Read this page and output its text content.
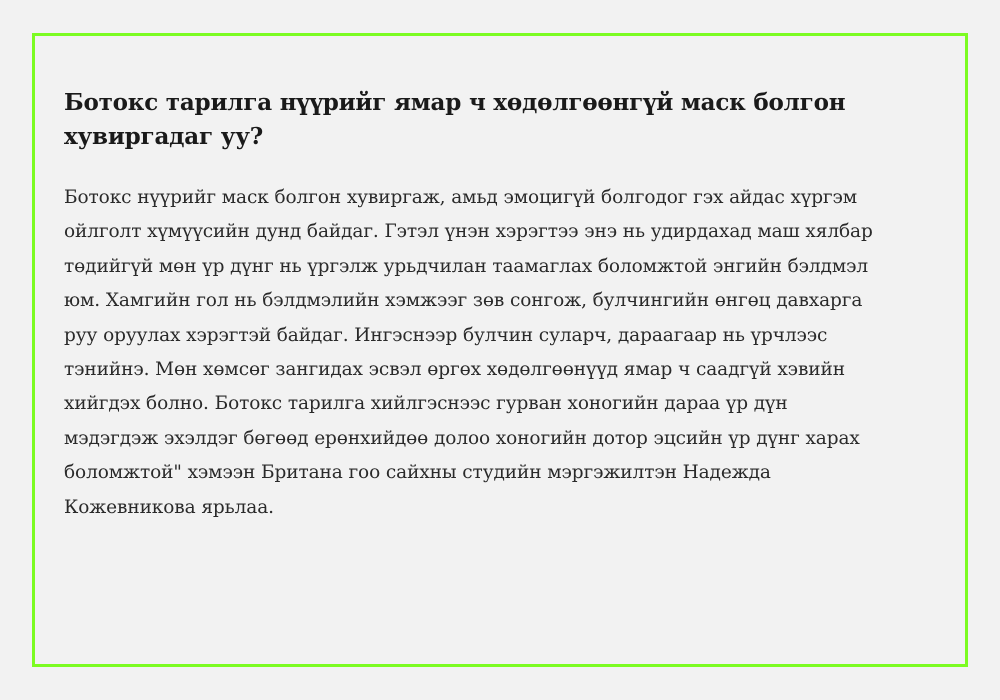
Ботокс тарилга нүүрийг ямар ч хөдөлгөөнгүй маск болгон хувиргадаг уу?

Ботокс нүүрийг маск болгон хувиргаж, амьд эмоцигүй болгодог гэх айдас хүргэм ойлголт хүмүүсийн дунд байдаг. Гэтэл үнэн хэрэгтээ энэ нь удирдахад маш хялбар төдийгүй мөн үр дүнг нь үргэлж урьдчилан таамаглах боломжтой энгийн бэлдмэл юм. Хамгийн гол нь бэлдмэлийн хэмжээг зөв сонгож, булчингийн өнгөц давхарга руу оруулах хэрэгтэй байдаг. Ингэснээр булчин суларч, дараагаар нь үрчлээс тэнийнэ. Мөн хөмсөг зангидах эсвэл өргөх хөдөлгөөнүүд ямар ч саадгүй хэвийн хийгдэх болно. Ботокс тарилга хийлгэснээс гурван хоногийн дараа үр дүн мэдэгдэж эхэлдэг бөгөөд ерөнхийдөө долоо хоногийн дотор эцсийн үр дүнг харах боломжтой" хэмээн Британа гоо сайхны студийн мэргэжилтэн Надежда Кожевникова ярьлаа.
